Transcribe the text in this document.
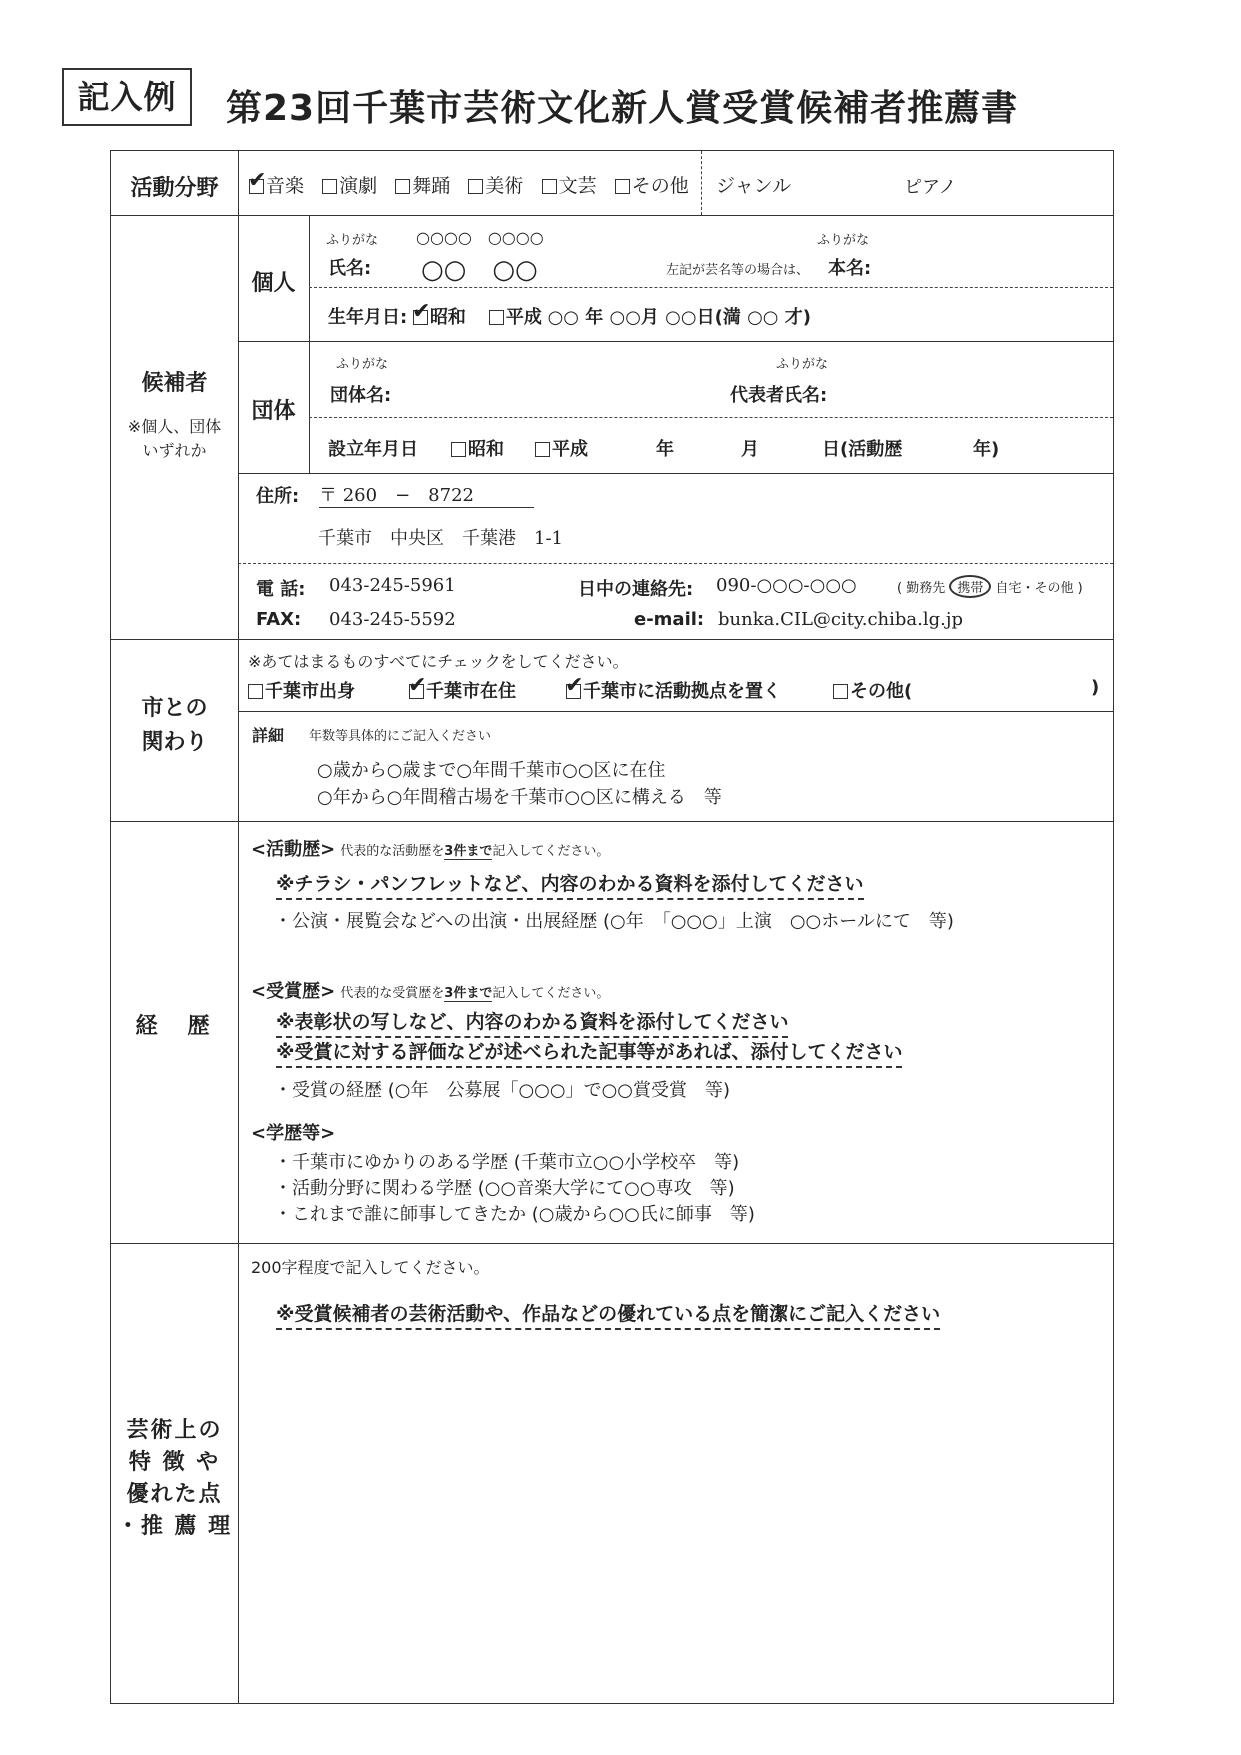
記入例	第23回千葉市芸術文化新人賞受賞候補者推薦書
活動分野 ✔	音楽 演劇 舞踊 美術 文芸 その他 ジャンル	ピアノ
候補者
※個人、団体
いずれか
個人
ふりがな ○○○○　○○○○	ふりがな
氏名: ○○　○○	左記が芸名等の場合は、 本名:
生年月日: ✔ 昭和 平成 ○○ 年 ○○月 ○○日(満 ○○ 才)
団体
ふりがな	ふりがな
団体名:	代表者氏名:
設立年月日	昭和	平成	年	月	日(活動歴	年)
住所: 〒 260　−　8722
千葉市　中央区　千葉港　1-1
電 話: 043-245-5961	日中の連絡先: 090-○○○-○○○	( 勤務先 携帯 自宅・その他 )
FAX: 043-245-5592	e-mail: bunka.CIL@city.chiba.lg.jp
市との
関わり
※あてはまるものすべてにチェックをしてください。
千葉市出身 ✔	千葉市在住 ✔	千葉市に活動拠点を置く	その他(	)
詳細 年数等具体的にご記入ください
○歳から○歳まで○年間千葉市○○区に在住
○年から○年間稽古場を千葉市○○区に構える　等
経　歴
<活動歴> 代表的な活動歴を3件まで記入してください。
※チラシ・パンフレットなど、内容のわかる資料を添付してください
・公演・展覧会などへの出演・出展経歴 (○年　「○○○」上演　○○ホールにて　等)
<受賞歴> 代表的な受賞歴を3件まで記入してください。
※表彰状の写しなど、内容のわかる資料を添付してください
※受賞に対する評価などが述べられた記事等があれば、添付してください
・受賞の経歴 (○年　公募展「○○○」で○○賞受賞　等)
<学歴等>
・千葉市にゆかりのある学歴 (千葉市立○○小学校卒　等)
・活動分野に関わる学歴 (○○音楽大学にて○○専攻　等)
・これまで誰に師事してきたか (○歳から○○氏に師事　等)
芸術上の
特 徴 や
優れた点
・推 薦 理
200字程度で記入してください。
※受賞候補者の芸術活動や、作品などの優れている点を簡潔にご記入ください
